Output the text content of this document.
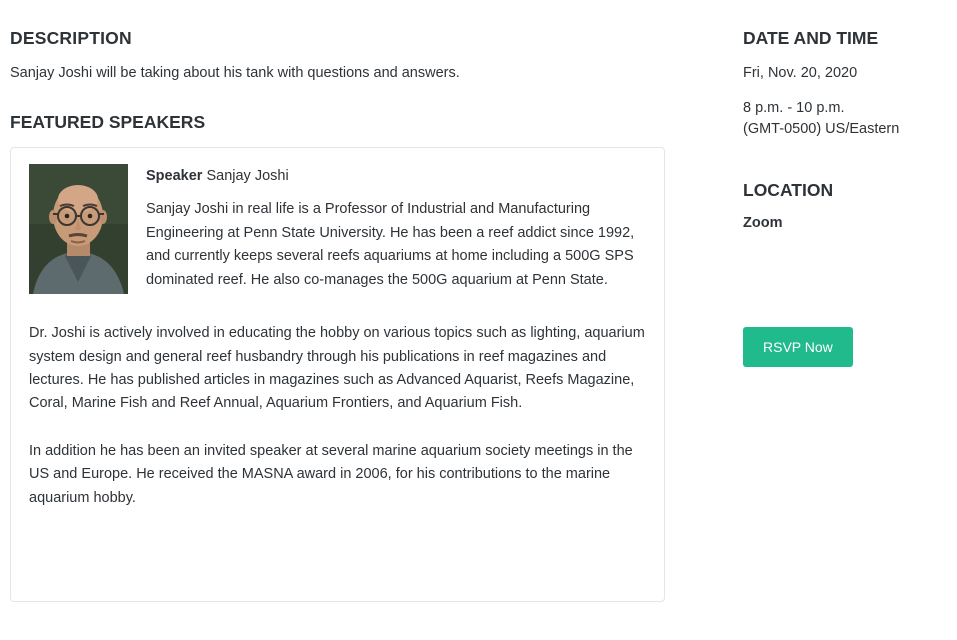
DESCRIPTION

Sanjay Joshi will be taking about his tank with questions and answers.

FEATURED SPEAKERS

Speaker Sanjay Joshi

Sanjay Joshi in real life is a Professor of Industrial and Manufacturing Engineering at Penn State University. He has been a reef addict since 1992, and currently keeps several reefs aquariums at home including a 500G SPS dominated reef. He also co-manages the 500G aquarium at Penn State.

Dr. Joshi is actively involved in educating the hobby on various topics such as lighting, aquarium system design and general reef husbandry through his publications in reef magazines and lectures. He has published articles in magazines such as Advanced Aquarist, Reefs Magazine, Coral, Marine Fish and Reef Annual, Aquarium Frontiers, and Aquarium Fish.

In addition he has been an invited speaker at several marine aquarium society meetings in the US and Europe. He received the MASNA award in 2006, for his contributions to the marine aquarium hobby.

DATE AND TIME

Fri, Nov. 20, 2020

8 p.m. - 10 p.m.

(GMT-0500) US/Eastern

LOCATION

Zoom

RSVP Now
